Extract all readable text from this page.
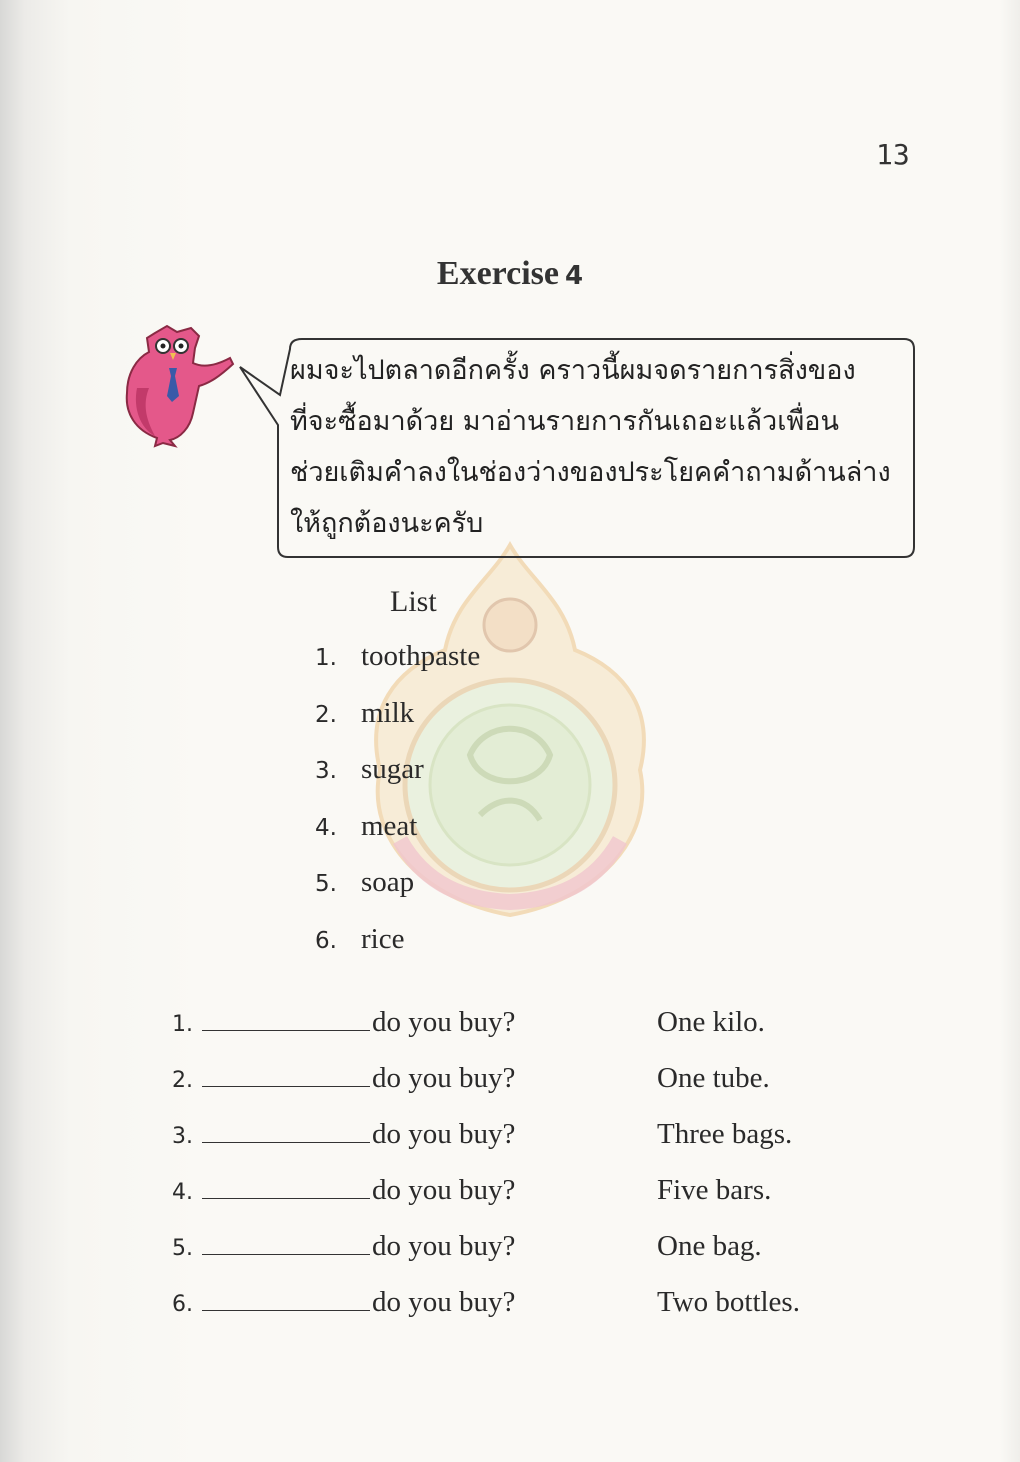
13
Exercise 4
ผมจะไปตลาดอีกครั้ง คราวนี้ผมจดรายการสิ่งของ
ที่จะซื้อมาด้วย มาอ่านรายการกันเถอะแล้วเพื่อน
ช่วยเติมคำลงในช่องว่างของประโยคคำถามด้านล่าง
ให้ถูกต้องนะครับ
List
1. toothpaste
2. milk
3. sugar
4. meat
5. soap
6. rice
1.	do you buy?	One kilo.
2.	do you buy?	One tube.
3.	do you buy?	Three bags.
4.	do you buy?	Five bars.
5.	do you buy?	One bag.
6.	do you buy?	Two bottles.
